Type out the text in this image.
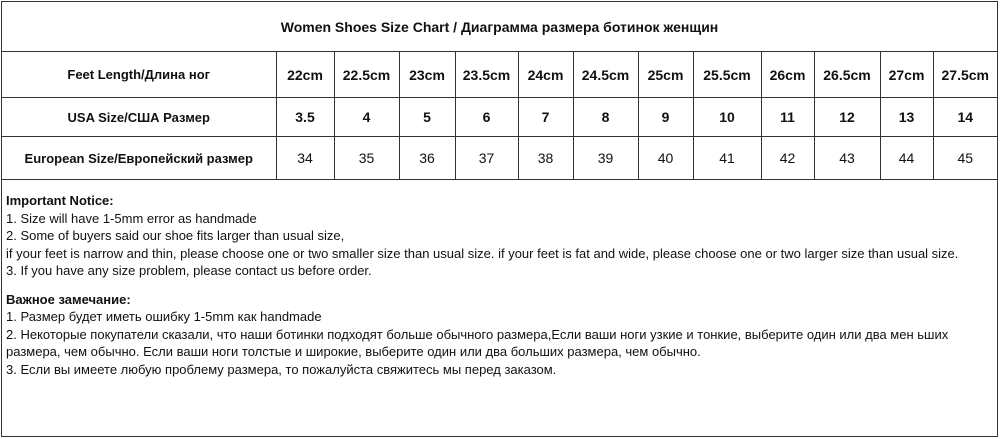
Women Shoes Size Chart / Диаграмма размера ботинок женщин
Feet Length/Длина ног	22cm	22.5cm	23cm	23.5cm	24cm	24.5cm	25cm	25.5cm	26cm	26.5cm	27cm	27.5cm
USA Size/США Размер	3.5	4	5	6	7	8	9	10	11	12	13	14
European Size/Европейский размер	34	35	36	37	38	39	40	41	42	43	44	45

Important Notice:

1. Size will have 1-5mm error as handmade

2. Some of buyers said our shoe fits larger than usual size,

if your feet is narrow and thin, please choose one or two smaller size than usual size. if your feet is fat and wide, please choose one or two larger size than usual size.

3. If you have any size problem, please contact us before order.

Важное замечание:

1. Размер будет иметь ошибку 1-5mm как handmade

2. Некоторые покупатели сказали, что наши ботинки подходят больше обычного размера,Если ваши ноги узкие и тонкие, выберите один или два мен ьших размера, чем обычно. Если ваши ноги толстые и широкие, выберите один или два больших размера, чем обычно.

3. Если вы имеете любую проблему размера, то пожалуйста свяжитесь мы перед заказом.
